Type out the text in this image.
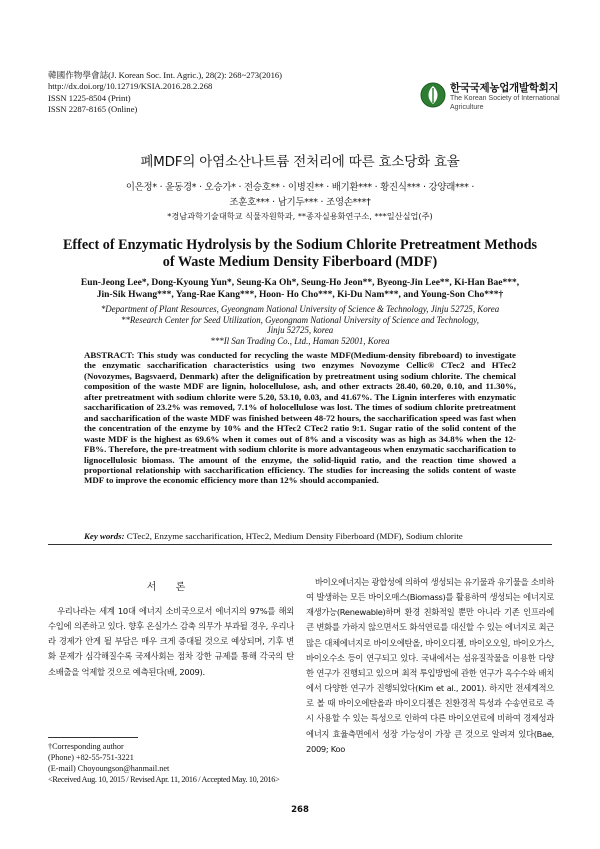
韓國作物學會誌(J. Korean Soc. Int. Agric.), 28(2): 268~273(2016)
http://dx.doi.org/10.12719/KSIA.2016.28.2.268
ISSN 1225-8504 (Print)
ISSN 2287-8165 (Online)
한국국제농업개발학회지
The Korean Society of International Agriculture
폐MDF의 아염소산나트륨 전처리에 따른 효소당화 효율
이은정* · 윤동경* · 오승가* · 전승호** · 이병진** · 배기환*** · 황진식*** · 강양래*** ·
조훈호*** · 남기두*** · 조영손***†
*경남과학기술대학교 식물자원학과, **종자실용화연구소, ***일산실업(주)
Effect of Enzymatic Hydrolysis by the Sodium Chlorite Pretreatment Methods
of Waste Medium Density Fiberboard (MDF)
Eun-Jeong Lee*, Dong-Kyoung Yun*, Seung-Ka Oh*, Seung-Ho Jeon**, Byeong-Jin Lee**, Ki-Han Bae***,
Jin-Sik Hwang***, Yang-Rae Kang***, Hoon- Ho Cho***, Ki-Du Nam***, and Young-Son Cho***†
*Department of Plant Resources, Gyeongnam National University of Science & Technology, Jinju 52725, Korea
**Research Center for Seed Utilization, Gyeongnam National University of Science and Technology,
Jinju 52725, korea
***Il San Trading Co., Ltd., Haman 52001, Korea
ABSTRACT: This study was conducted for recycling the waste MDF(Medium-density fibreboard) to investigate the enzymatic saccharification characteristics using two enzymes Novozyme Cellic® CTec2 and HTec2 (Novozymes, Bagsvaerd, Denmark) after the delignification by pretreatment using sodium chlorite. The chemical composition of the waste MDF are lignin, holocellulose, ash, and other extracts 28.40, 60.20, 0.10, and 11.30%, after pretreatment with sodium chlorite were 5.20, 53.10, 0.03, and 41.67%. The Lignin interferes with enzymatic saccharification of 23.2% was removed, 7.1% of holocellulose was lost. The times of sodium chlorite pretreatment and saccharification of the waste MDF was finished between 48-72 hours, the saccharification speed was fast when the concentration of the enzyme by 10% and the HTec2 CTec2 ratio 9:1. Sugar ratio of the solid content of the waste MDF is the highest as 69.6% when it comes out of 8% and a viscosity was as high as 34.8% when the 12-FB%. Therefore, the pre-treatment with sodium chlorite is more advantageous when enzymatic saccharification to lignocellulosic biomass. The amount of the enzyme, the solid-liquid ratio, and the reaction time showed a proportional relationship with saccharification efficiency. The studies for increasing the solids content of waste MDF to improve the economic efficiency more than 12% should accompanied.
Key words: CTec2, Enzyme saccharification, HTec2, Medium Density Fiberboard (MDF), Sodium chlorite
서 론
우리나라는 세계 10대 에너지 소비국으로서 에너지의 97%를 해외수입에 의존하고 있다. 향후 온실가스 감축 의무가 부과될 경우, 우리나라 경제가 안게 될 부담은 매우 크게 증대될 것으로 예상되며, 기후 변화 문제가 심각해질수록 국제사회는 점차 강한 규제를 통해 각국의 탄소배출을 억제할 것으로 예측된다(배, 2009).
바이오에너지는 광합성에 의하여 생성되는 유기물과 유기물을 소비하여 발생하는 모든 바이오매스(Biomass)를 활용하여 생성되는 에너지로 재생가능(Renewable)하며 환경 친화적일 뿐만 아니라 기존 인프라에 큰 변화를 가하지 않으면서도 화석연료를 대신할 수 있는 에너지로 최근 많은 대체에너지로 바이오에탄올, 바이오디젤, 바이오오일, 바이오가스, 바이오수소 등이 연구되고 있다. 국내에서는 섬유질작물을 이용한 다양한 연구가 진행되고 있으며 최적 투입방법에 관한 연구가 옥수수와 배치에서 다양한 연구가 진행되었다(Kim et al., 2001). 하지만 전세계적으로 볼 때 바이오에탄올과 바이오디젤은 친환경적 특성과 수송연료로 즉시 사용할 수 있는 특성으로 인하여 다른 바이오연료에 비하여 경제성과 에너지 효율측면에서 성장 가능성이 가장 큰 것으로 알려져 있다(Bae, 2009; Koo
†Corresponding author
(Phone) +82-55-751-3221
(E-mail) Choyoungson@hanmail.net
<Received Aug. 10, 2015 / Revised Apr. 11, 2016 / Accepted May. 10, 2016>
268
